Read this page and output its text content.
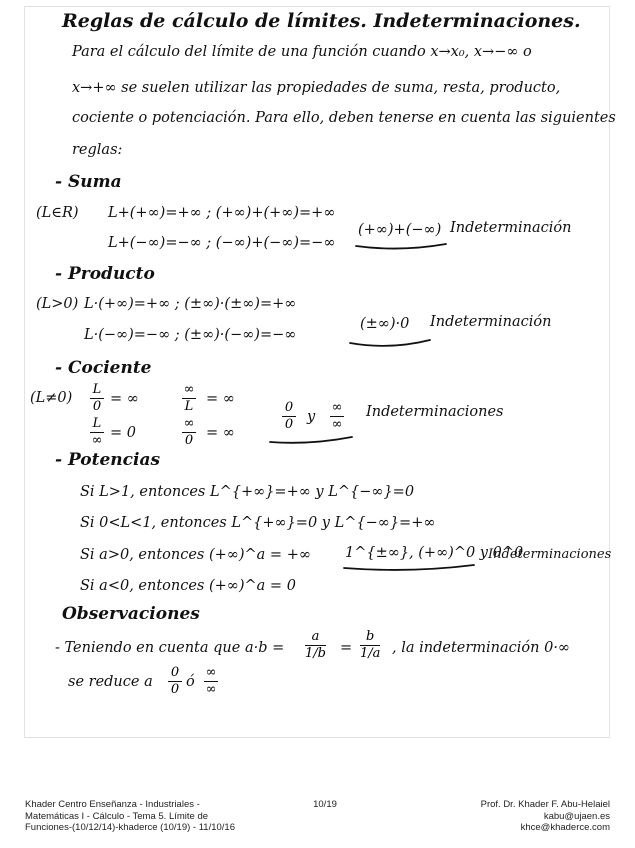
Reglas de cálculo de límites. Indeterminaciones.
Para el cálculo del límite de una función cuando x→x₀, x→−∞ o
x→+∞ se suelen utilizar las propiedades de suma, resta, producto,
cociente o potenciación. Para ello, deben tenerse en cuenta las siguientes
reglas:
- Suma
(L∈R) L+(+∞)=+∞ ; (+∞)+(+∞)=+∞
L+(−∞)=−∞ ; (−∞)+(−∞)=−∞
(+∞)+(−∞) Indeterminación
- Producto
(L>0) L·(+∞)=+∞ ; (±∞)·(±∞)=+∞
L·(−∞)=−∞ ; (±∞)·(−∞)=−∞
(±∞)·0 Indeterminación
- Cociente
(L≠0)
L
0 = ∞
∞
L = ∞
L
∞ = 0
∞
0 = ∞
0
0 y
∞
∞
Indeterminaciones
- Potencias
Si L>1, entonces L^{+∞}=+∞ y L^{−∞}=0
Si 0<L<1, entonces L^{+∞}=0 y L^{−∞}=+∞
Si a>0, entonces (+∞)^a = +∞
Si a<0, entonces (+∞)^a = 0
1^{±∞}, (+∞)^0 y 0^0
Indeterminaciones
Observaciones
- Teniendo en cuenta que a·b =
a
1/b =
b
1/a , la indeterminación 0·∞
se reduce a
0
0 ó
∞
∞
Khader Centro Enseñanza - Industriales -
Matemáticas I - Cálculo - Tema 5. Límite de
Funciones-(10/12/14)-khaderce (10/19) - 11/10/16
10/19	Prof. Dr. Khader F. Abu-Helaiel
kabu@ujaen.es
khce@khaderce.com
